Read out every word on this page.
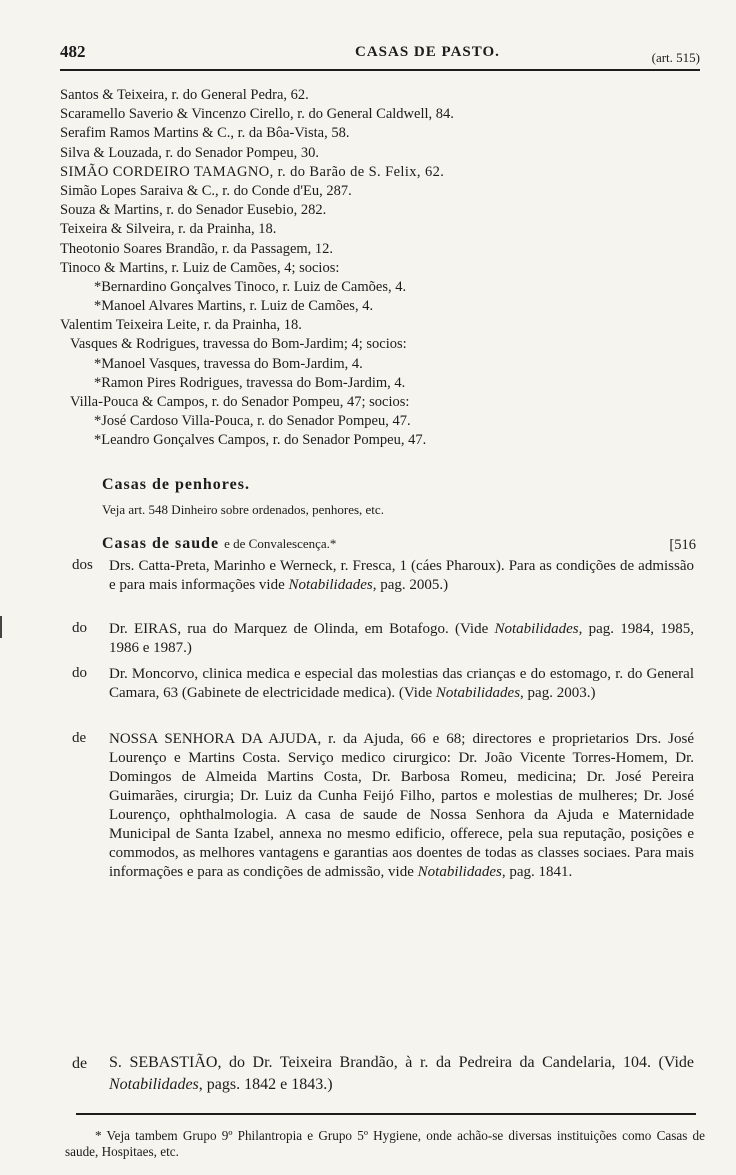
482	CASAS DE PASTO.	(art. 515)
Santos & Teixeira, r. do General Pedra, 62.
Scaramello Saverio & Vincenzo Cirello, r. do General Caldwell, 84.
Serafim Ramos Martins & C., r. da Bôa-Vista, 58.
Silva & Louzada, r. do Senador Pompeu, 30.
SIMÃO CORDEIRO TAMAGNO, r. do Barão de S. Felix, 62.
Simão Lopes Saraiva & C., r. do Conde d'Eu, 287.
Souza & Martins, r. do Senador Eusebio, 282.
Teixeira & Silveira, r. da Prainha, 18.
Theotonio Soares Brandão, r. da Passagem, 12.
Tinoco & Martins, r. Luiz de Camões, 4; socios:
*Bernardino Gonçalves Tinoco, r. Luiz de Camões, 4.
*Manoel Alvares Martins, r. Luiz de Camões, 4.
Valentim Teixeira Leite, r. da Prainha, 18.
Vasques & Rodrigues, travessa do Bom-Jardim; 4; socios:
*Manoel Vasques, travessa do Bom-Jardim, 4.
*Ramon Pires Rodrigues, travessa do Bom-Jardim, 4.
Villa-Pouca & Campos, r. do Senador Pompeu, 47; socios:
*José Cardoso Villa-Pouca, r. do Senador Pompeu, 47.
*Leandro Gonçalves Campos, r. do Senador Pompeu, 47.
Casas de penhores.
Veja art. 548 Dinheiro sobre ordenados, penhores, etc.
Casas de saude e de Convalescença.*	[516
dos Drs. Catta-Preta, Marinho e Werneck, r. Fresca, 1 (cáes Pharoux). Para as condições de admissão e para mais informações vide Notabilidades, pag. 2005.)
do Dr. EIRAS, rua do Marquez de Olinda, em Botafogo. (Vide Notabilidades, pag. 1984, 1985, 1986 e 1987.)
do Dr. Moncorvo, clinica medica e especial das molestias das crianças e do estomago, r. do General Camara, 63 (Gabinete de electricidade medica). (Vide Notabilidades, pag. 2003.)
de NOSSA SENHORA DA AJUDA, r. da Ajuda, 66 e 68; directores e proprietarios Drs. José Lourenço e Martins Costa. Serviço medico cirurgico: Dr. João Vicente Torres-Homem, Dr. Domingos de Almeida Martins Costa, Dr. Barbosa Romeu, medicina; Dr. José Pereira Guimarães, cirurgia; Dr. Luiz da Cunha Feijó Filho, partos e molestias de mulheres; Dr. José Lourenço, ophthalmologia. A casa de saude de Nossa Senhora da Ajuda e Maternidade Municipal de Santa Izabel, annexa no mesmo edificio, offerece, pela sua reputação, posições e commodos, as melhores vantagens e garantias aos doentes de todas as classes sociaes. Para mais informações e para as condições de admissão, vide Notabilidades, pag. 1841.
de S. SEBASTIÃO, do Dr. Teixeira Brandão, à r. da Pedreira da Candelaria, 104. (Vide Notabilidades, pags. 1842 e 1843.)
* Veja tambem Grupo 9º Philantropia e Grupo 5º Hygiene, onde achão-se diversas instituições como Casas de saude, Hospitaes, etc.
